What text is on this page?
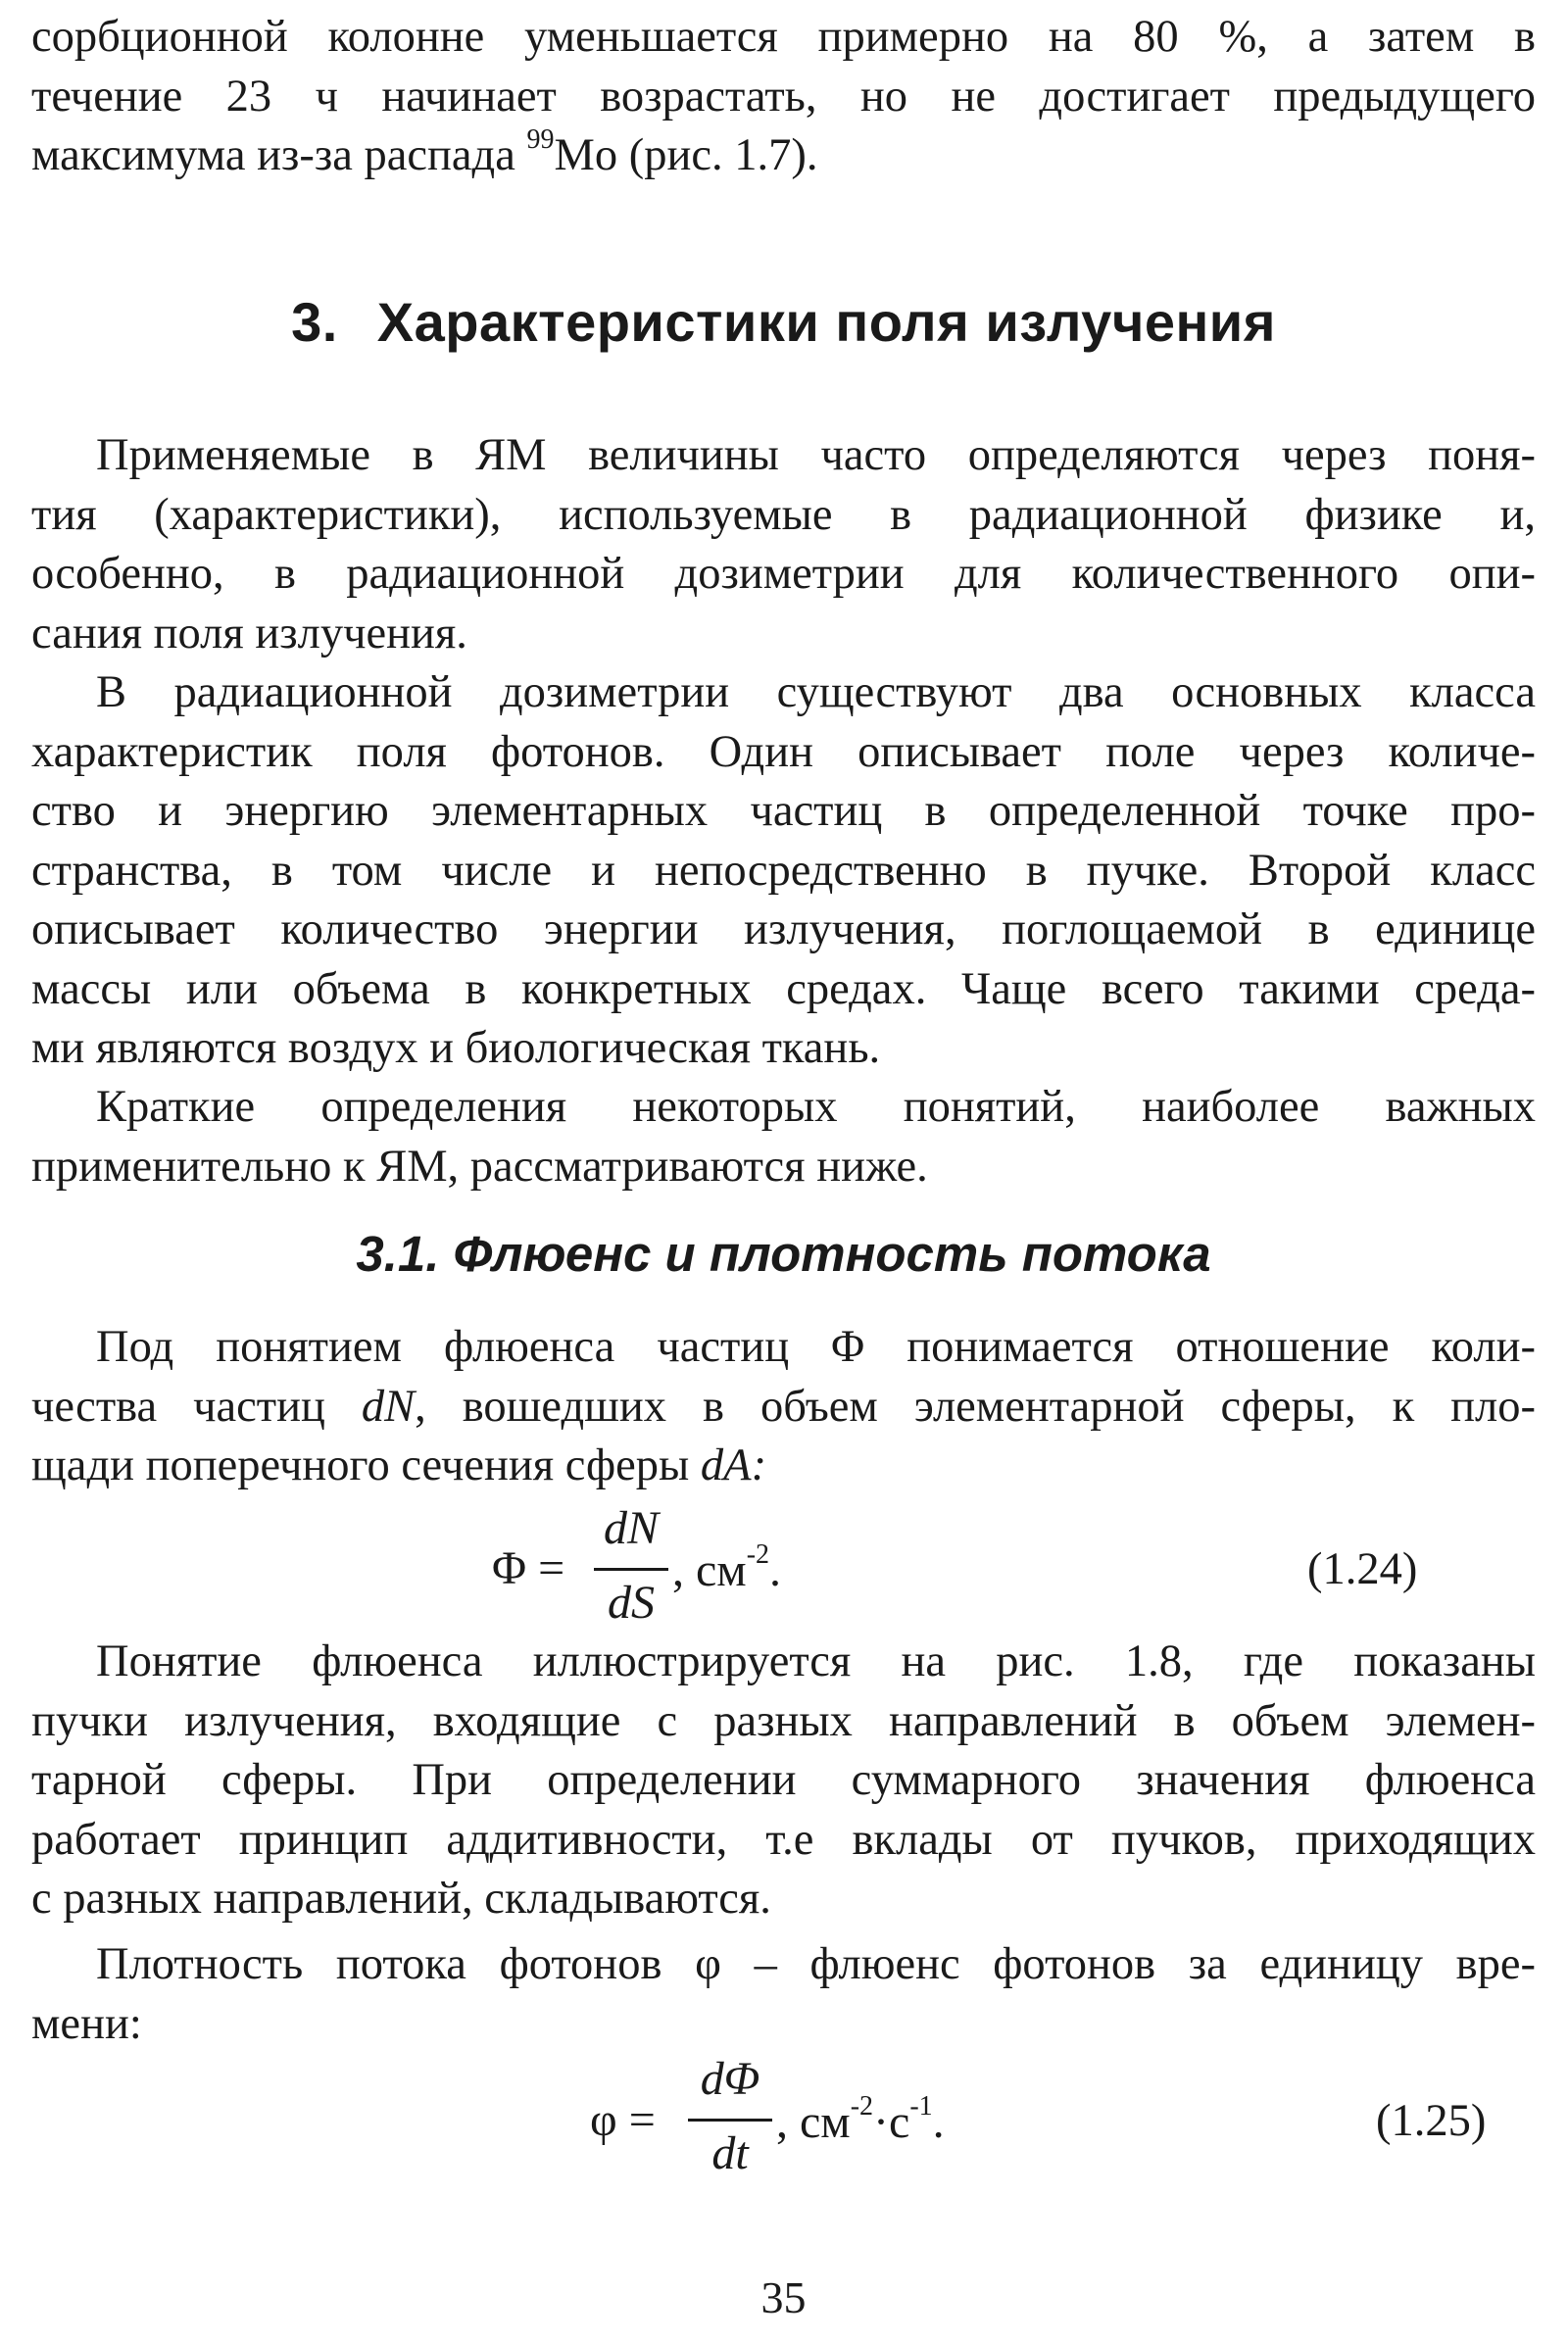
сорбционной колонне уменьшается примерно на 80 %, а затем в

течение 23 ч начинает возрастать, но не достигает предыдущего

максимума из-за распада $^{99}$Mo (рис. 1.7).

3. Характеристики поля излучения

Применяемые в ЯМ величины часто определяются через поня-

тия (характеристики), используемые в радиационной физике и,

особенно, в радиационной дозиметрии для количественного опи-

сания поля излучения.

В радиационной дозиметрии существуют два основных класса

характеристик поля фотонов. Один описывает поле через количе-

ство и энергию элементарных частиц в определенной точке про-

странства, в том числе и непосредственно в пучке. Второй класс

описывает количество энергии излучения, поглощаемой в единице

массы или объема в конкретных средах. Чаще всего такими среда-

ми являются воздух и биологическая ткань.

Краткие определения некоторых понятий, наиболее важных

применительно к ЯМ, рассматриваются ниже.

3.1. Флюенс и плотность потока

Под понятием флюенса частиц Φ понимается отношение коли-

чества частиц dN, вошедших в объем элементарной сферы, к пло-

щади поперечного сечения сферы dA:

Φ =
dN
dS
, $см^{-2}$.	(1.24)

Понятие флюенса иллюстрируется на рис. 1.8, где показаны

пучки излучения, входящие с разных направлений в объем элемен-

тарной сферы. При определении суммарного значения флюенса

работает принцип аддитивности, т.е вклады от пучков, приходящих

с разных направлений, складываются.

Плотность потока фотонов φ – флюенс фотонов за единицу вре-

мени:

φ =
dΦ
dt
, $см^{-2}\cdot с^{-1}$.	(1.25)
35
